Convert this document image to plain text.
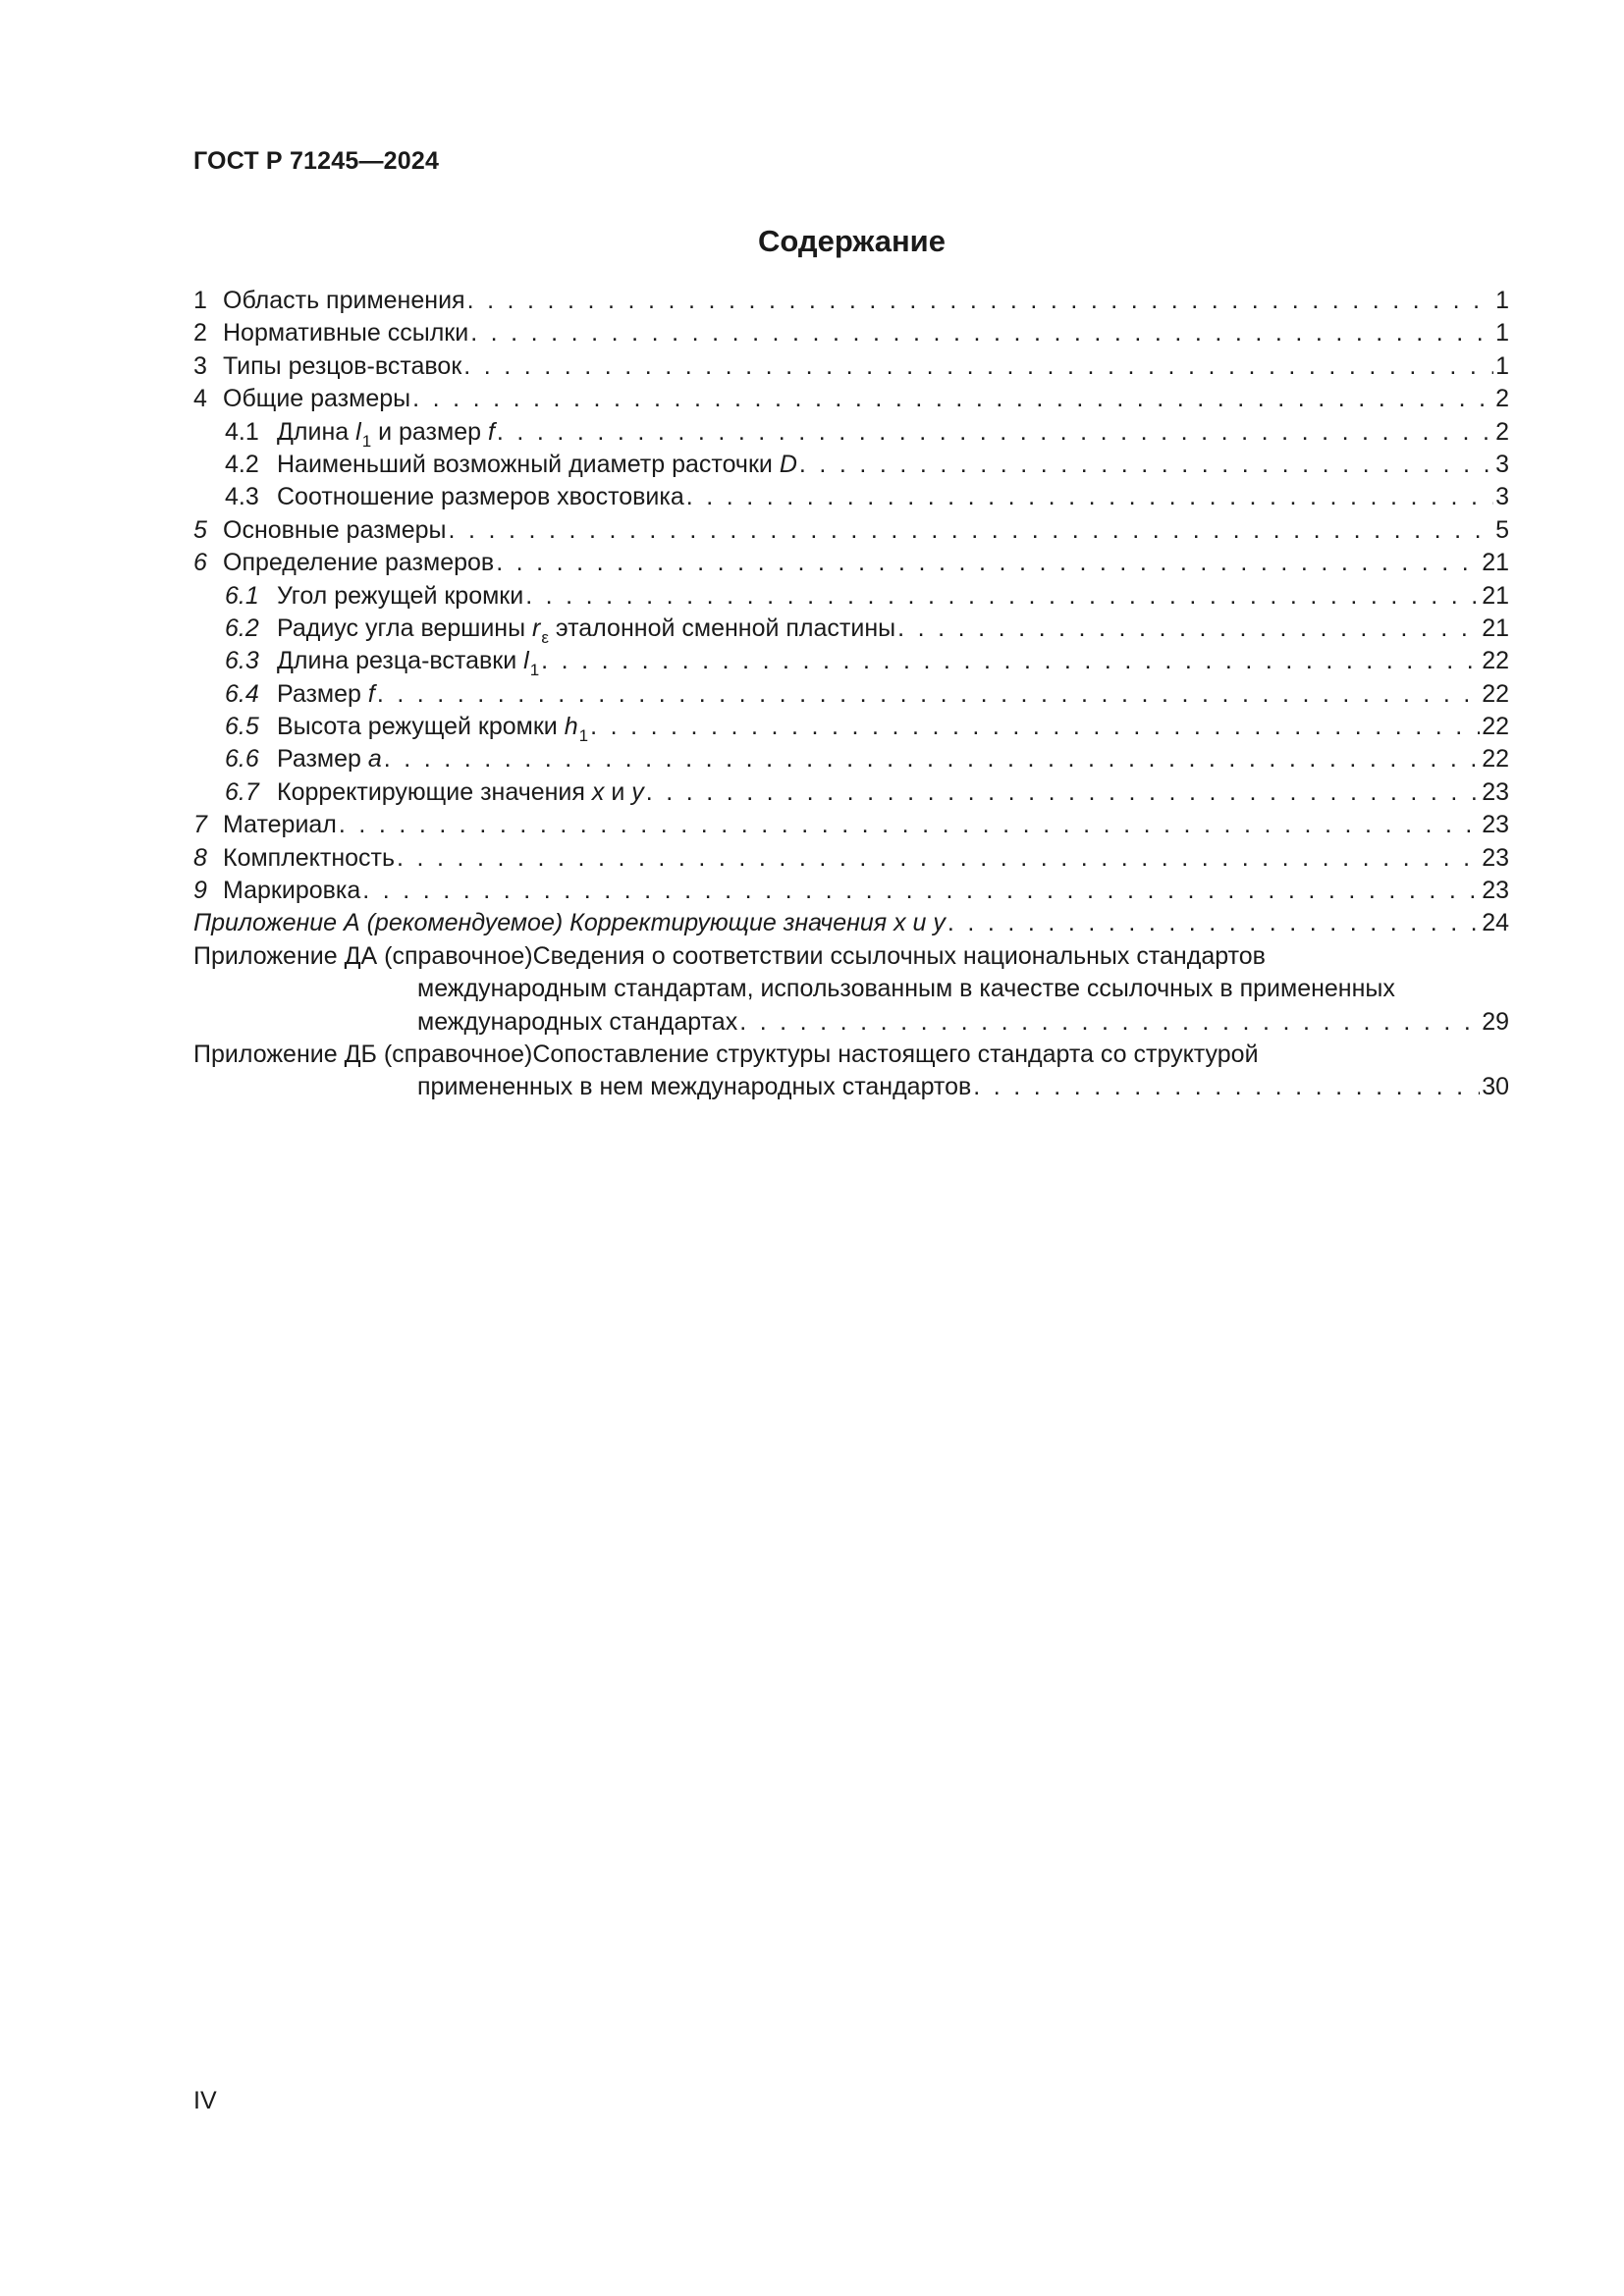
ГОСТ Р 71245—2024
Содержание
1 Область применения . . .	1
2 Нормативные ссылки . . .	1
3 Типы резцов-вставок . . .	1
4 Общие размеры . . .	2
4.1 Длина $l_1$ и размер f . . .	2
4.2 Наименьший возможный диаметр расточки D . . .	3
4.3 Соотношение размеров хвостовика . . .	3
5 Основные размеры . . .	5
6 Определение размеров . . .	21
6.1 Угол режущей кромки . . .	21
6.2 Радиус угла вершины $r_\varepsilon$ эталонной сменной пластины . . .	21
6.3 Длина резца-вставки $l_1$ . . .	22
6.4 Размер f . . .	22
6.5 Высота режущей кромки $h_1$ . . .	22
6.6 Размер a . . .	22
6.7 Корректирующие значения x и y . . .	23
7 Материал . . .	23
8 Комплектность . . .	23
9 Маркировка . . .	23
Приложение А (рекомендуемое) Корректирующие значения x и y . . .	24
Приложение ДА (справочное) Сведения о соответствии ссылочных национальных стандартов
международным стандартам, использованным в качестве ссылочных в примененных
международных стандартах . . .	29
Приложение ДБ (справочное) Сопоставление структуры настоящего стандарта со структурой
примененных в нем международных стандартов . . .	30
IV
